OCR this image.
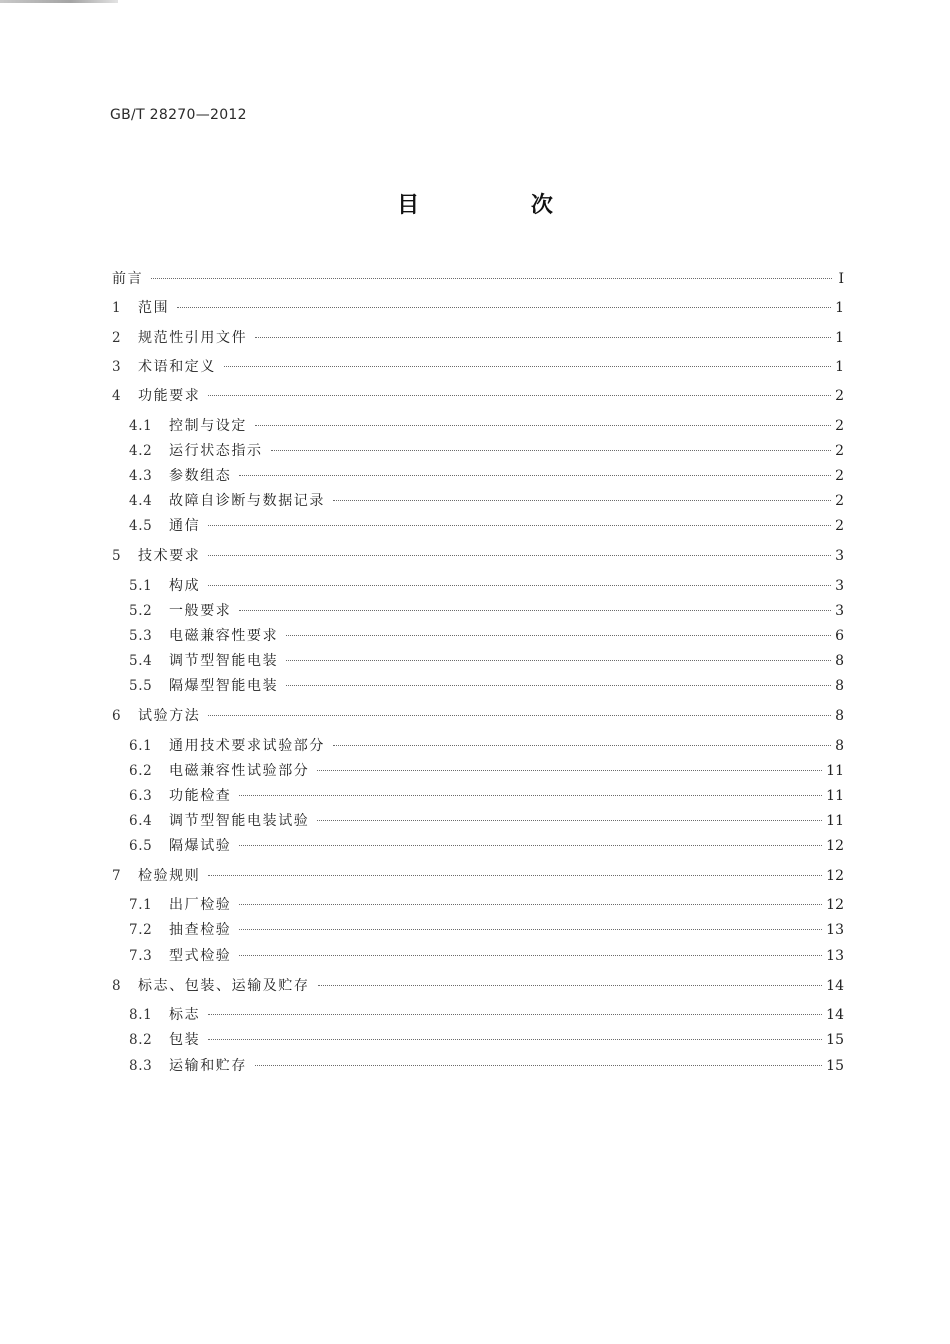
GB/T 28270—2012
目 次
前言	Ⅰ
1	范围	1
2	规范性引用文件	1
3	术语和定义	1
4	功能要求	2
4.1	控制与设定	2
4.2	运行状态指示	2
4.3	参数组态	2
4.4	故障自诊断与数据记录	2
4.5	通信	2
5	技术要求	3
5.1	构成	3
5.2	一般要求	3
5.3	电磁兼容性要求	6
5.4	调节型智能电装	8
5.5	隔爆型智能电装	8
6	试验方法	8
6.1	通用技术要求试验部分	8
6.2	电磁兼容性试验部分	11
6.3	功能检查	11
6.4	调节型智能电装试验	11
6.5	隔爆试验	12
7	检验规则	12
7.1	出厂检验	12
7.2	抽查检验	13
7.3	型式检验	13
8	标志、包装、运输及贮存	14
8.1	标志	14
8.2	包装	15
8.3	运输和贮存	15
